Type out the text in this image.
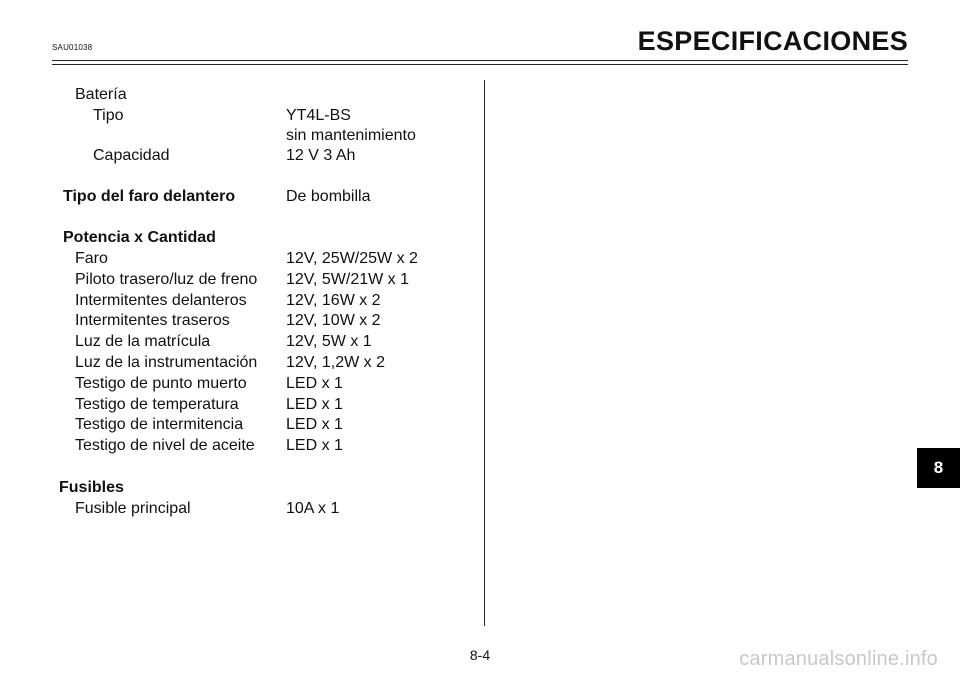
SAU01038	ESPECIFICACIONES
Batería
Tipo	YT4L-BS
sin mantenimiento
Capacidad	12 V 3 Ah
Tipo del faro delantero	De bombilla
Potencia x Cantidad
Faro	12V, 25W/25W x 2
Piloto trasero/luz de freno 12V, 5W/21W x 1
Intermitentes delanteros 12V, 16W x 2
Intermitentes traseros	12V, 10W x 2
Luz de la matrícula	12V, 5W x 1
Luz de la instrumentación 12V, 1,2W x 2
Testigo de punto muerto LED x 1
Testigo de temperatura	LED x 1
Testigo de intermitencia	LED x 1
Testigo de nivel de aceite LED x 1
Fusibles
Fusible principal	10A x 1
8-4
8
carmanualsonline.info
